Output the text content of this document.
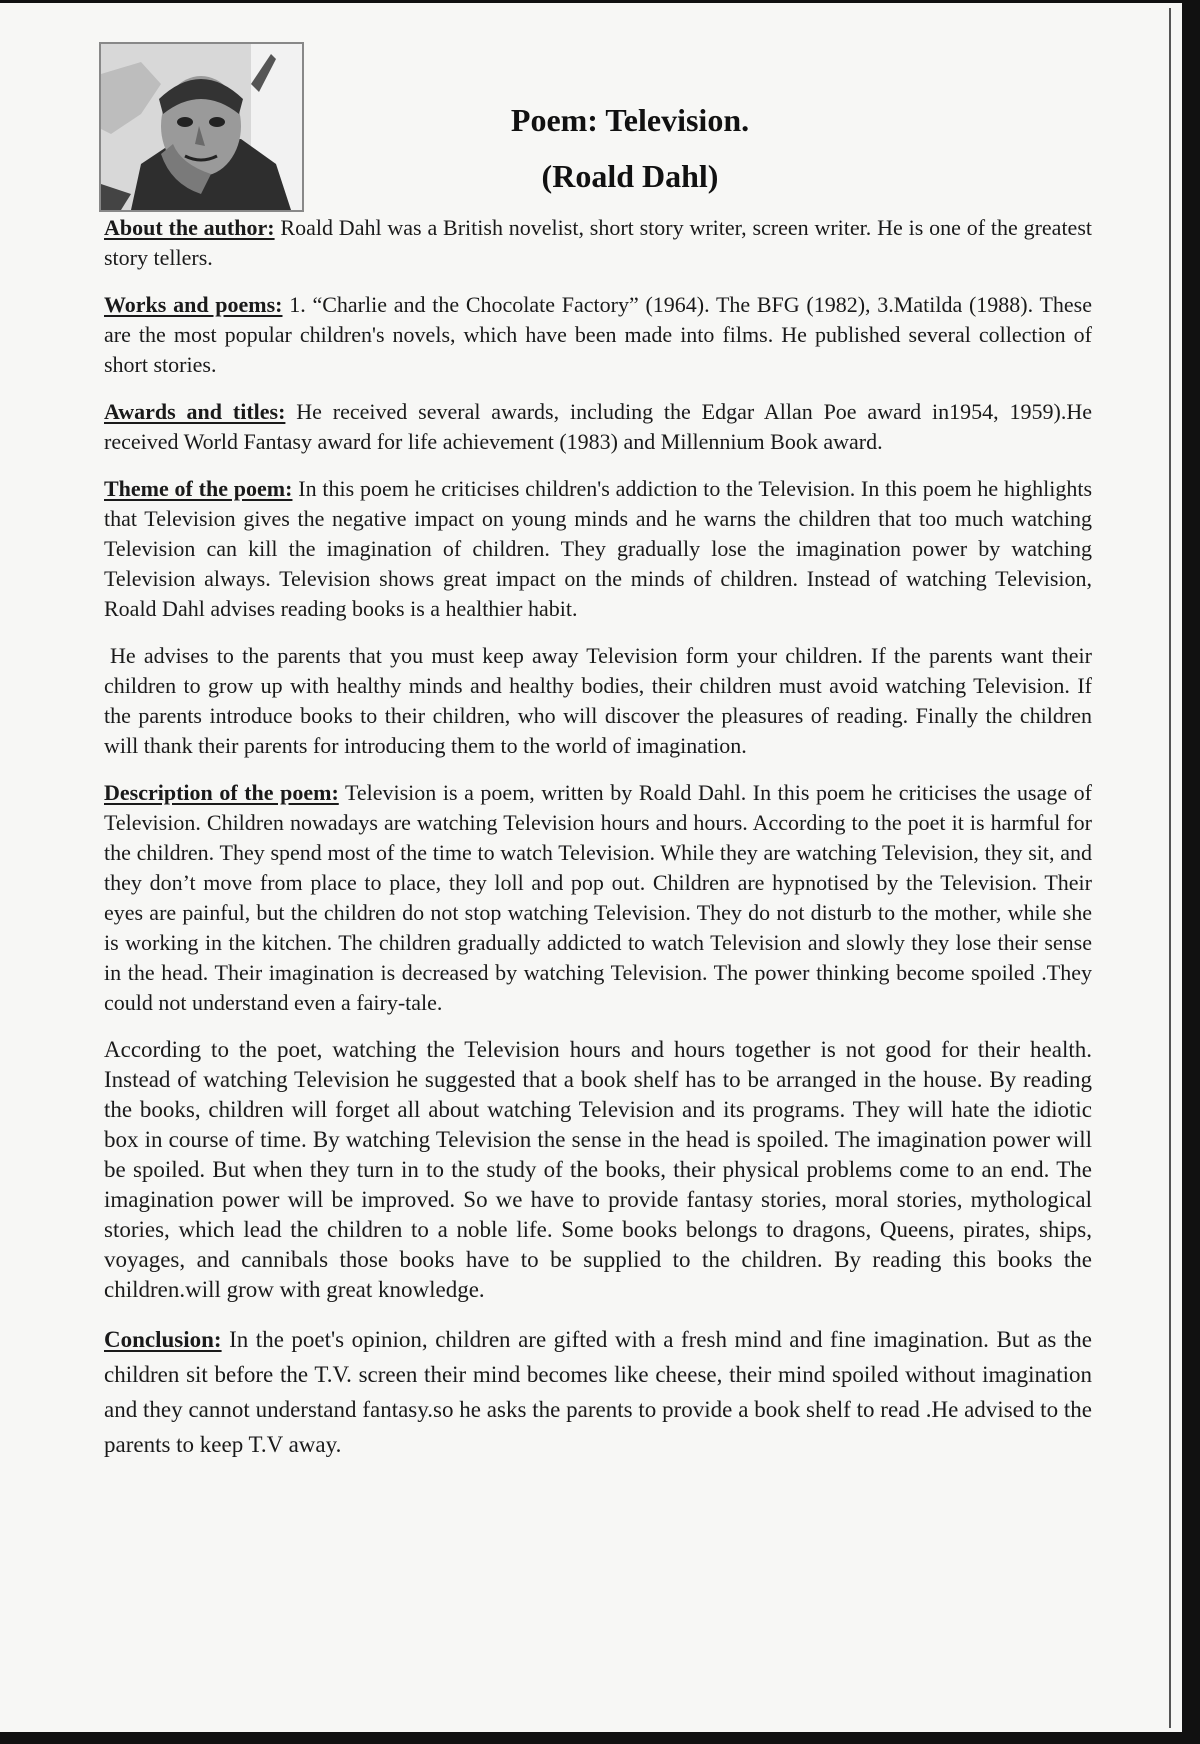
Poem: Television.
(Roald Dahl)

About the author: Roald Dahl was a British novelist, short story writer, screen writer. He is one of the greatest story tellers.

Works and poems: 1. “Charlie and the Chocolate Factory” (1964). The BFG (1982), 3.Matilda (1988). These are the most popular children's novels, which have been made into films. He published several collection of short stories.

Awards and titles: He received several awards, including the Edgar Allan Poe award in1954, 1959).He received World Fantasy award for life achievement (1983) and Millennium Book award.

Theme of the poem: In this poem he criticises children's addiction to the Television. In this poem he highlights that Television gives the negative impact on young minds and he warns the children that too much watching Television can kill the imagination of children. They gradually lose the imagination power by watching Television always. Television shows great impact on the minds of children. Instead of watching Television, Roald Dahl advises reading books is a healthier habit.

He advises to the parents that you must keep away Television form your children. If the parents want their children to grow up with healthy minds and healthy bodies, their children must avoid watching Television. If the parents introduce books to their children, who will discover the pleasures of reading. Finally the children will thank their parents for introducing them to the world of imagination.

Description of the poem: Television is a poem, written by Roald Dahl. In this poem he criticises the usage of Television. Children nowadays are watching Television hours and hours. According to the poet it is harmful for the children. They spend most of the time to watch Television. While they are watching Television, they sit, and they don’t move from place to place, they loll and pop out. Children are hypnotised by the Television. Their eyes are painful, but the children do not stop watching Television. They do not disturb to the mother, while she is working in the kitchen. The children gradually addicted to watch Television and slowly they lose their sense in the head. Their imagination is decreased by watching Television. The power thinking become spoiled .They could not understand even a fairy-tale.

According to the poet, watching the Television hours and hours together is not good for their health. Instead of watching Television he suggested that a book shelf has to be arranged in the house. By reading the books, children will forget all about watching Television and its programs. They will hate the idiotic box in course of time. By watching Television the sense in the head is spoiled. The imagination power will be spoiled. But when they turn in to the study of the books, their physical problems come to an end. The imagination power will be improved. So we have to provide fantasy stories, moral stories, mythological stories, which lead the children to a noble life. Some books belongs to dragons, Queens, pirates, ships, voyages, and cannibals those books have to be supplied to the children. By reading this books the children.will grow with great knowledge.

Conclusion: In the poet's opinion, children are gifted with a fresh mind and fine imagination. But as the children sit before the T.V. screen their mind becomes like cheese, their mind spoiled without imagination and they cannot understand fantasy.so he asks the parents to provide a book shelf to read .He advised to the parents to keep T.V away.
